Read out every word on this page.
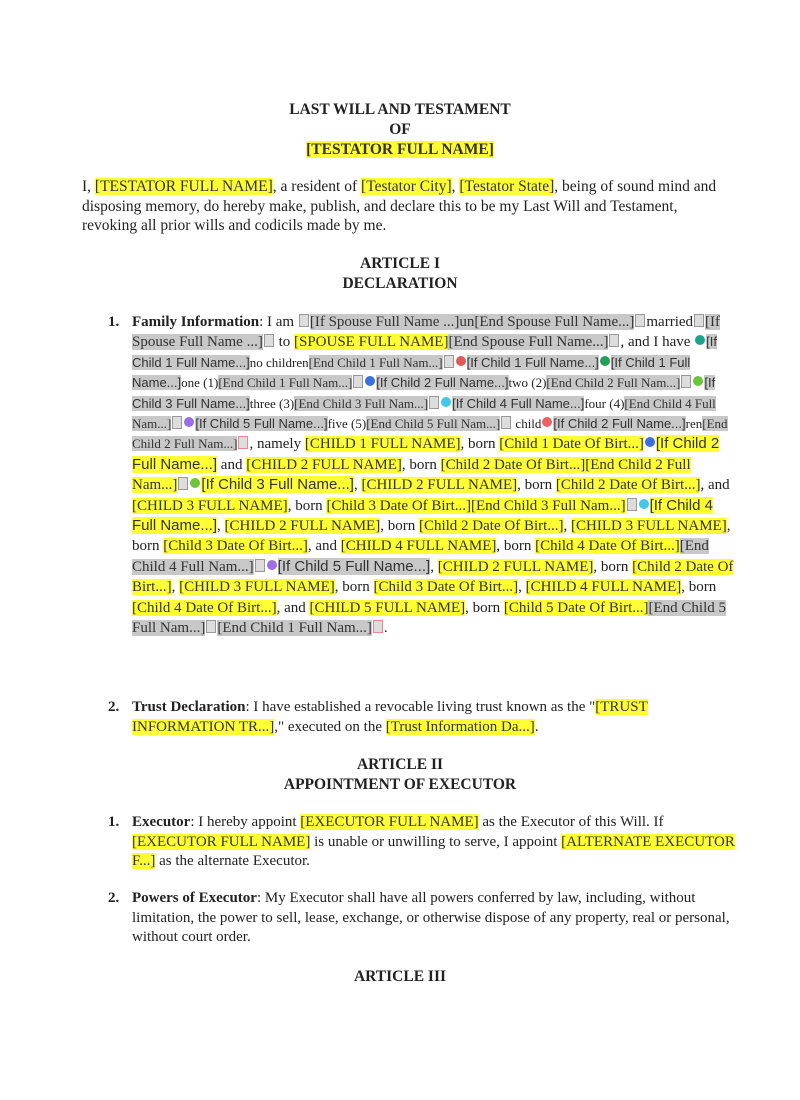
LAST WILL AND TESTAMENT
OF
[TESTATOR FULL NAME]

I, [TESTATOR FULL NAME], a resident of [Testator City], [Testator State], being of sound mind and disposing memory, do hereby make, publish, and declare this to be my Last Will and Testament, revoking all prior wills and codicils made by me.

ARTICLE I
DECLARATION
1. Family Information: I am [If Spouse Full Name ...]un[End Spouse Full Name...] married [If Spouse Full Name ...] to [SPOUSE FULL NAME][End Spouse Full Name...] , and I have [If Child 1 Full Name...]no children[End Child 1 Full Nam...] [If Child 1 Full Name...] [If Child 1 Full Name...]one (1)[End Child 1 Full Nam...] [If Child 2 Full Name...]two (2)[End Child 2 Full Nam...] [If Child 3 Full Name...]three (3)[End Child 3 Full Nam...] [If Child 4 Full Name...]four (4)[End Child 4 Full Nam...] [If Child 5 Full Name...]five (5)[End Child 5 Full Nam...] child [If Child 2 Full Name...]ren[End Child 2 Full Nam...] , namely [CHILD 1 FULL NAME], born [Child 1 Date Of Birt...] [If Child 2 Full Name...] and [CHILD 2 FULL NAME], born [Child 2 Date Of Birt...][End Child 2 Full Nam...] [If Child 3 Full Name...], [CHILD 2 FULL NAME], born [Child 2 Date Of Birt...], and [CHILD 3 FULL NAME], born [Child 3 Date Of Birt...][End Child 3 Full Nam...] [If Child 4 Full Name...], [CHILD 2 FULL NAME], born [Child 2 Date Of Birt...], [CHILD 3 FULL NAME], born [Child 3 Date Of Birt...], and [CHILD 4 FULL NAME], born [Child 4 Date Of Birt...][End Child 4 Full Nam...] [If Child 5 Full Name...], [CHILD 2 FULL NAME], born [Child 2 Date Of Birt...], [CHILD 3 FULL NAME], born [Child 3 Date Of Birt...], [CHILD 4 FULL NAME], born [Child 4 Date Of Birt...], and [CHILD 5 FULL NAME], born [Child 5 Date Of Birt...][End Child 5 Full Nam...] [End Child 1 Full Nam...] .
2. Trust Declaration: I have established a revocable living trust known as the "[TRUST INFORMATION TR...]," executed on the [Trust Information Da...].
ARTICLE II
APPOINTMENT OF EXECUTOR
1. Executor: I hereby appoint [EXECUTOR FULL NAME] as the Executor of this Will. If [EXECUTOR FULL NAME] is unable or unwilling to serve, I appoint [ALTERNATE EXECUTOR F...] as the alternate Executor.
2. Powers of Executor: My Executor shall have all powers conferred by law, including, without limitation, the power to sell, lease, exchange, or otherwise dispose of any property, real or personal, without court order.
ARTICLE III
